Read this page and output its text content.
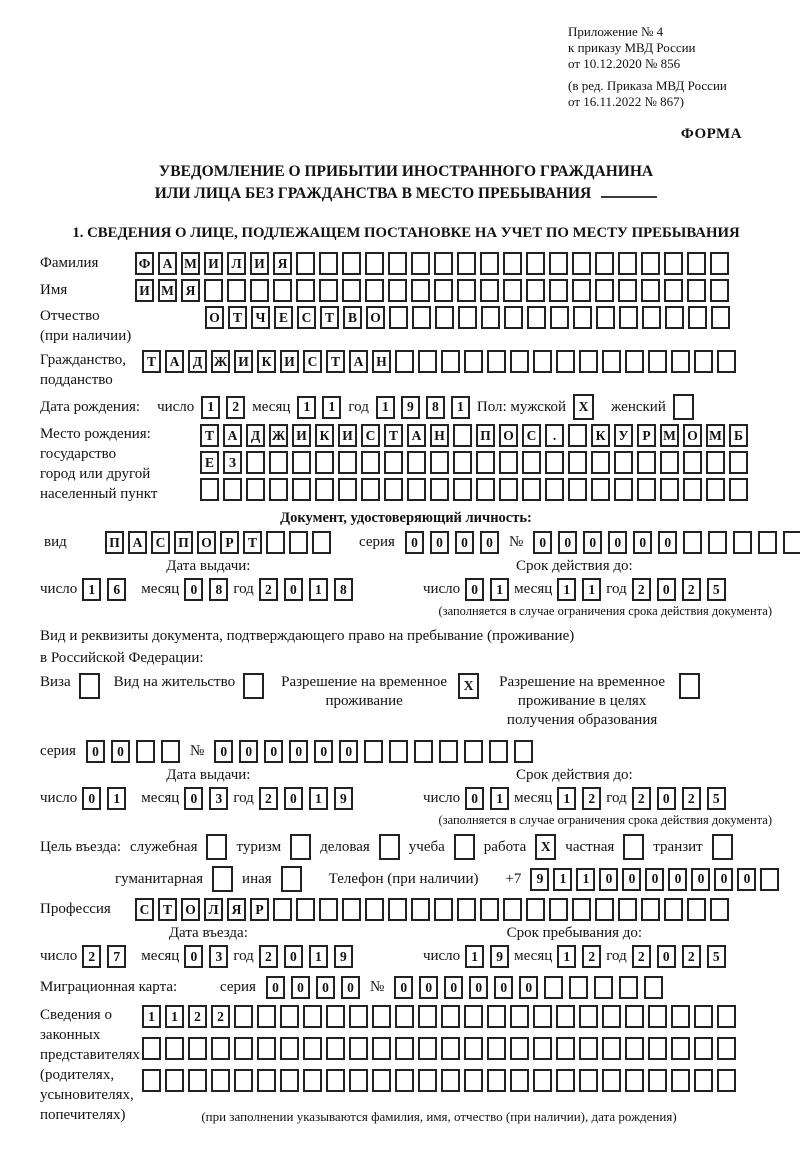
Приложение № 4
к приказу МВД России
от 10.12.2020 № 856
(в ред. Приказа МВД России
от 16.11.2022 № 867)
ФОРМА
УВЕДОМЛЕНИЕ О ПРИБЫТИИ ИНОСТРАННОГО ГРАЖДАНИНА
ИЛИ ЛИЦА БЕЗ ГРАЖДАНСТВА В МЕСТО ПРЕБЫВАНИЯ
1. СВЕДЕНИЯ О ЛИЦЕ, ПОДЛЕЖАЩЕМ ПОСТАНОВКЕ НА УЧЕТ ПО МЕСТУ ПРЕБЫВАНИЯ
Фамилия	Ф А М И Л И Я
Имя	И М Я
Отчество
(при наличии)
О Т	Ч	Е	С	Т	В О
Гражданство,
подданство
Т	А Д Ж И К И С	Т	А Н
Дата рождения: число 1	2 месяц 1	1 год 1	9	8	1 Пол: мужской X	женский
Место рождения:
государство
город или другой
населенный пункт
Т	А Д Ж И К И С	Т	А Н	П О С	.	К У	Р М О М Б
Е	З
Документ, удостоверяющий личность:
вид	П А С П О	Р	Т	серия	0	0	0	0	№	0	0	0	0	0	0
Дата выдачи:
число 1	6	месяц 0	8 год 2	0	1	8
Срок действия до:
число 0	1 месяц 1	1 год 2	0	2	5
(заполняется в случае ограничения срока действия документа)
Вид и реквизиты документа, подтверждающего право на пребывание (проживание)
в Российской Федерации:
Виза	Вид на жительство	Разрешение на временное проживание
X	Разрешение на временное проживание в целях получения образования
серия	0	0	№	0	0	0	0	0	0
Дата выдачи:
число 0	1	месяц 0	3 год 2	0	1	9
Срок действия до:
число 0	1 месяц 1	2 год 2	0	2	5
(заполняется в случае ограничения срока действия документа)
Цель въезда: служебная	туризм	деловая	учеба	работа	X частная	транзит
гуманитарная	иная	Телефон (при наличии) +7	9	1	1	0	0	0	0	0	0	0
Профессия	С	Т О Л Я	Р
Дата въезда:
число 2	7	месяц 0	3 год 2	0	1	9
Срок пребывания до:
число 1	9 месяц 1	2 год 2	0	2	5
Миграционная карта:	серия	0	0	0	0	№	0	0	0	0	0	0
Сведения о
законных
представителях
(родителях,
усыновителях,
попечителях)
1	1	2	2
(при заполнении указываются фамилия, имя, отчество (при наличии), дата рождения)
